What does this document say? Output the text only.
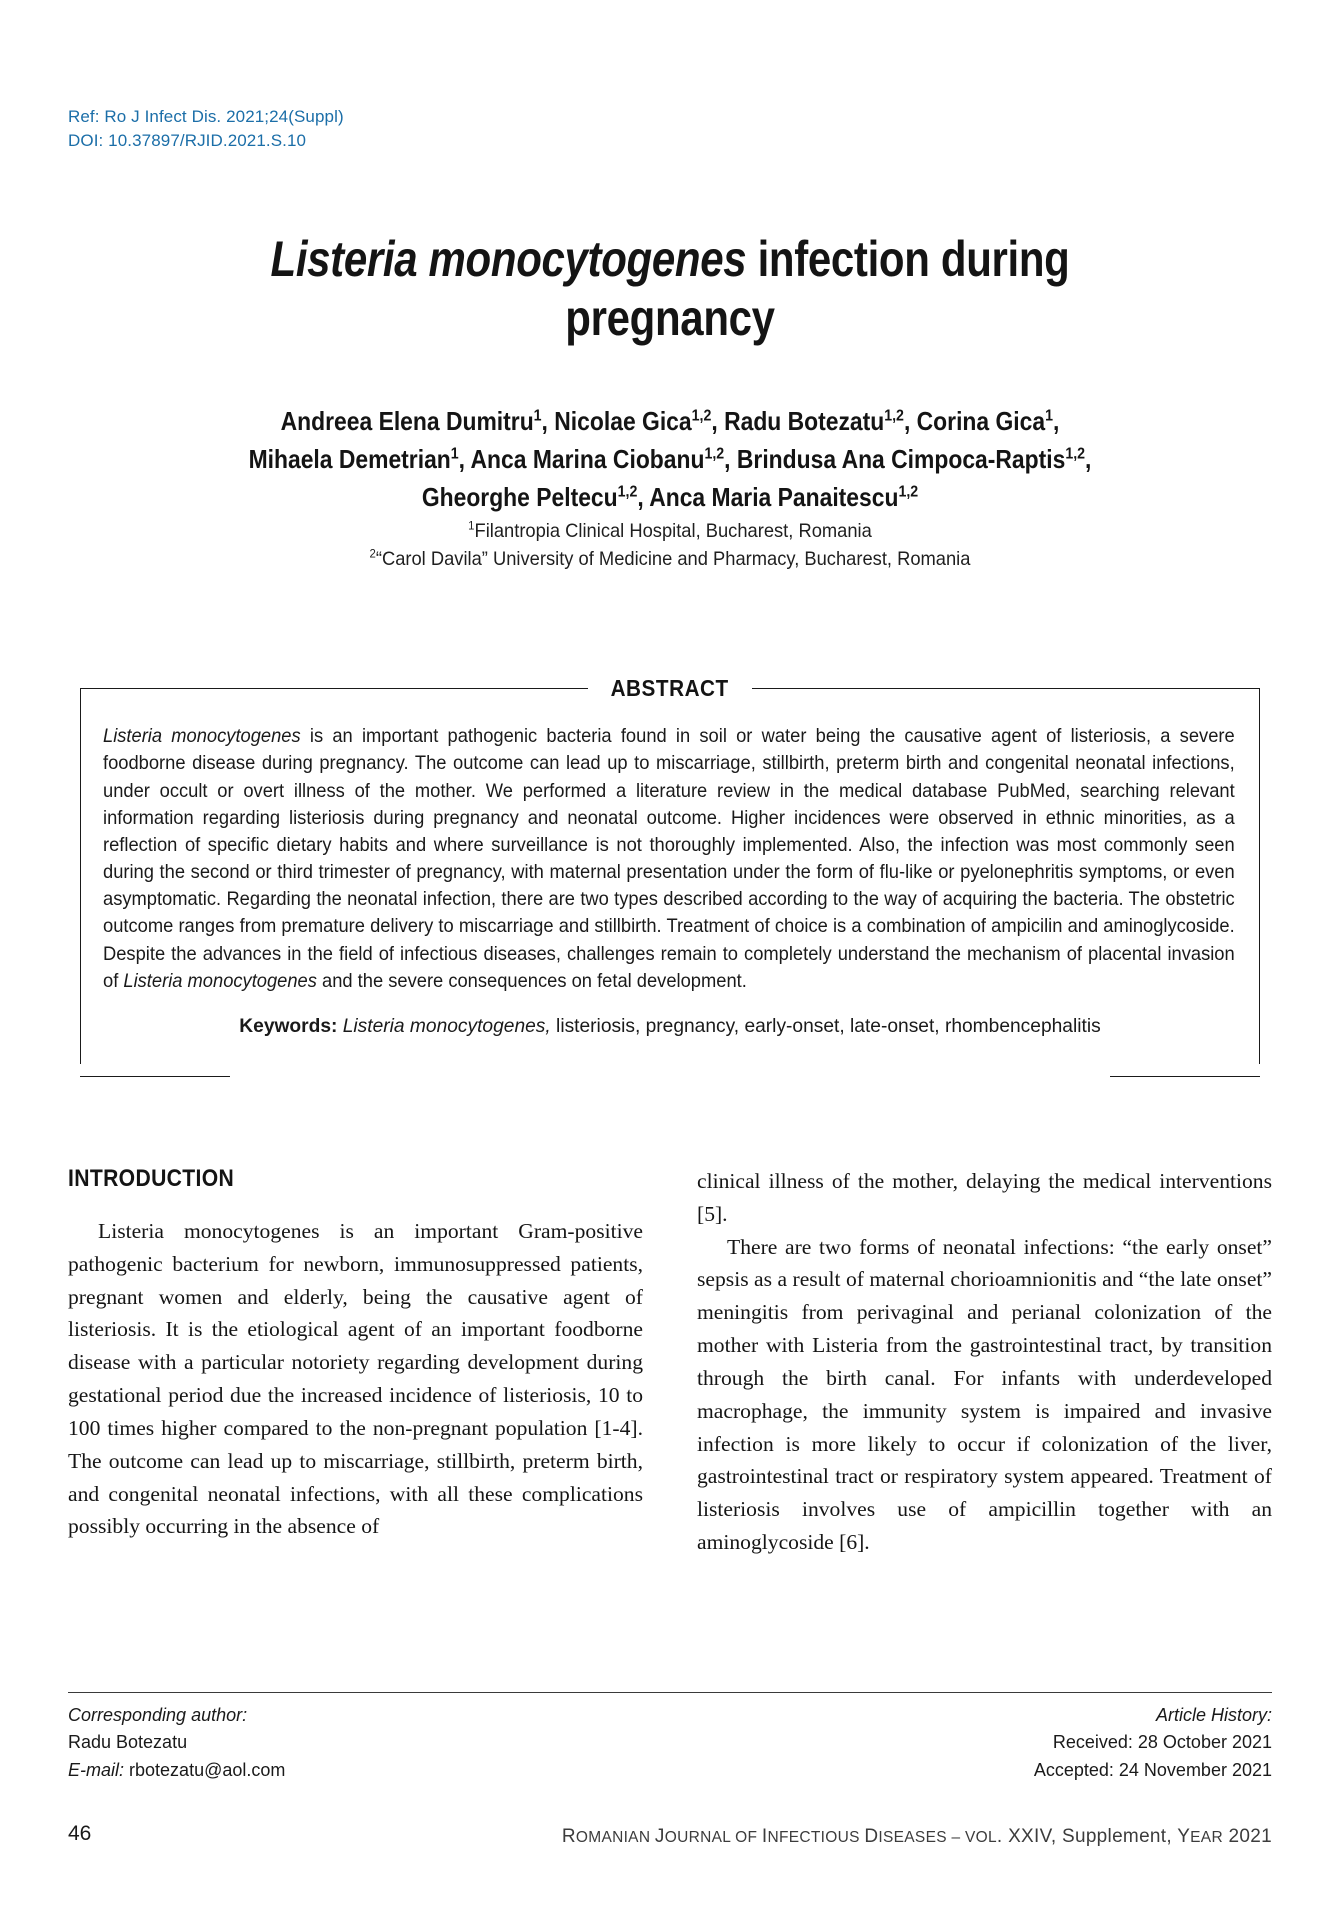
Ref: Ro J Infect Dis. 2021;24(Suppl)
DOI: 10.37897/RJID.2021.S.10
Listeria monocytogenes infection during pregnancy
Andreea Elena Dumitru$^1$, Nicolae Gica$^{1,2}$, Radu Botezatu$^{1,2}$, Corina Gica$^1$,
Mihaela Demetrian$^1$, Anca Marina Ciobanu$^{1,2}$, Brindusa Ana Cimpoca-Raptis$^{1,2}$,
Gheorghe Peltecu$^{1,2}$, Anca Maria Panaitescu$^{1,2}$
$^1$Filantropia Clinical Hospital, Bucharest, Romania
$^2$“Carol Davila” University of Medicine and Pharmacy, Bucharest, Romania
ABSTRACT

Listeria monocytogenes is an important pathogenic bacteria found in soil or water being the causative agent of listeriosis, a severe foodborne disease during pregnancy. The outcome can lead up to miscarriage, stillbirth, preterm birth and congenital neonatal infections, under occult or overt illness of the mother. We performed a literature review in the medical database PubMed, searching relevant information regarding listeriosis during pregnancy and neonatal outcome. Higher incidences were observed in ethnic minorities, as a reflection of specific dietary habits and where surveillance is not thoroughly implemented. Also, the infection was most commonly seen during the second or third trimester of pregnancy, with maternal presentation under the form of flu-like or pyelonephritis symptoms, or even asymptomatic. Regarding the neonatal infection, there are two types described according to the way of acquiring the bacteria. The obstetric outcome ranges from premature delivery to miscarriage and stillbirth. Treatment of choice is a combination of ampicilin and aminoglycoside. Despite the advances in the field of infectious diseases, challenges remain to completely understand the mechanism of placental invasion of Listeria monocytogenes and the severe consequences on fetal development.

Keywords: Listeria monocytogenes, listeriosis, pregnancy, early-onset, late-onset, rhombencephalitis

INTRODUCTION

Listeria monocytogenes is an important Gram-positive pathogenic bacterium for newborn, immunosuppressed patients, pregnant women and elderly, being the causative agent of listeriosis. It is the etiological agent of an important foodborne disease with a particular notoriety regarding development during gestational period due the increased incidence of listeriosis, 10 to 100 times higher compared to the non-pregnant population [1-4]. The outcome can lead up to miscarriage, stillbirth, preterm birth, and congenital neonatal infections, with all these complications possibly occurring in the absence of

clinical illness of the mother, delaying the medical interventions [5].

There are two forms of neonatal infections: “the early onset” sepsis as a result of maternal chorioamnionitis and “the late onset” meningitis from perivaginal and perianal colonization of the mother with Listeria from the gastrointestinal tract, by transition through the birth canal. For infants with underdeveloped macrophage, the immunity system is impaired and invasive infection is more likely to occur if colonization of the liver, gastrointestinal tract or respiratory system appeared. Treatment of listeriosis involves use of ampicillin together with an aminoglycoside [6].

Corresponding author:
Radu Botezatu
E-mail: rbotezatu@aol.com
Article History:
Received: 28 October 2021
Accepted: 24 November 2021
46	ROMANIAN JOURNAL OF INFECTIOUS DISEASES – VOL. XXIV, Supplement, YEAR 2021
